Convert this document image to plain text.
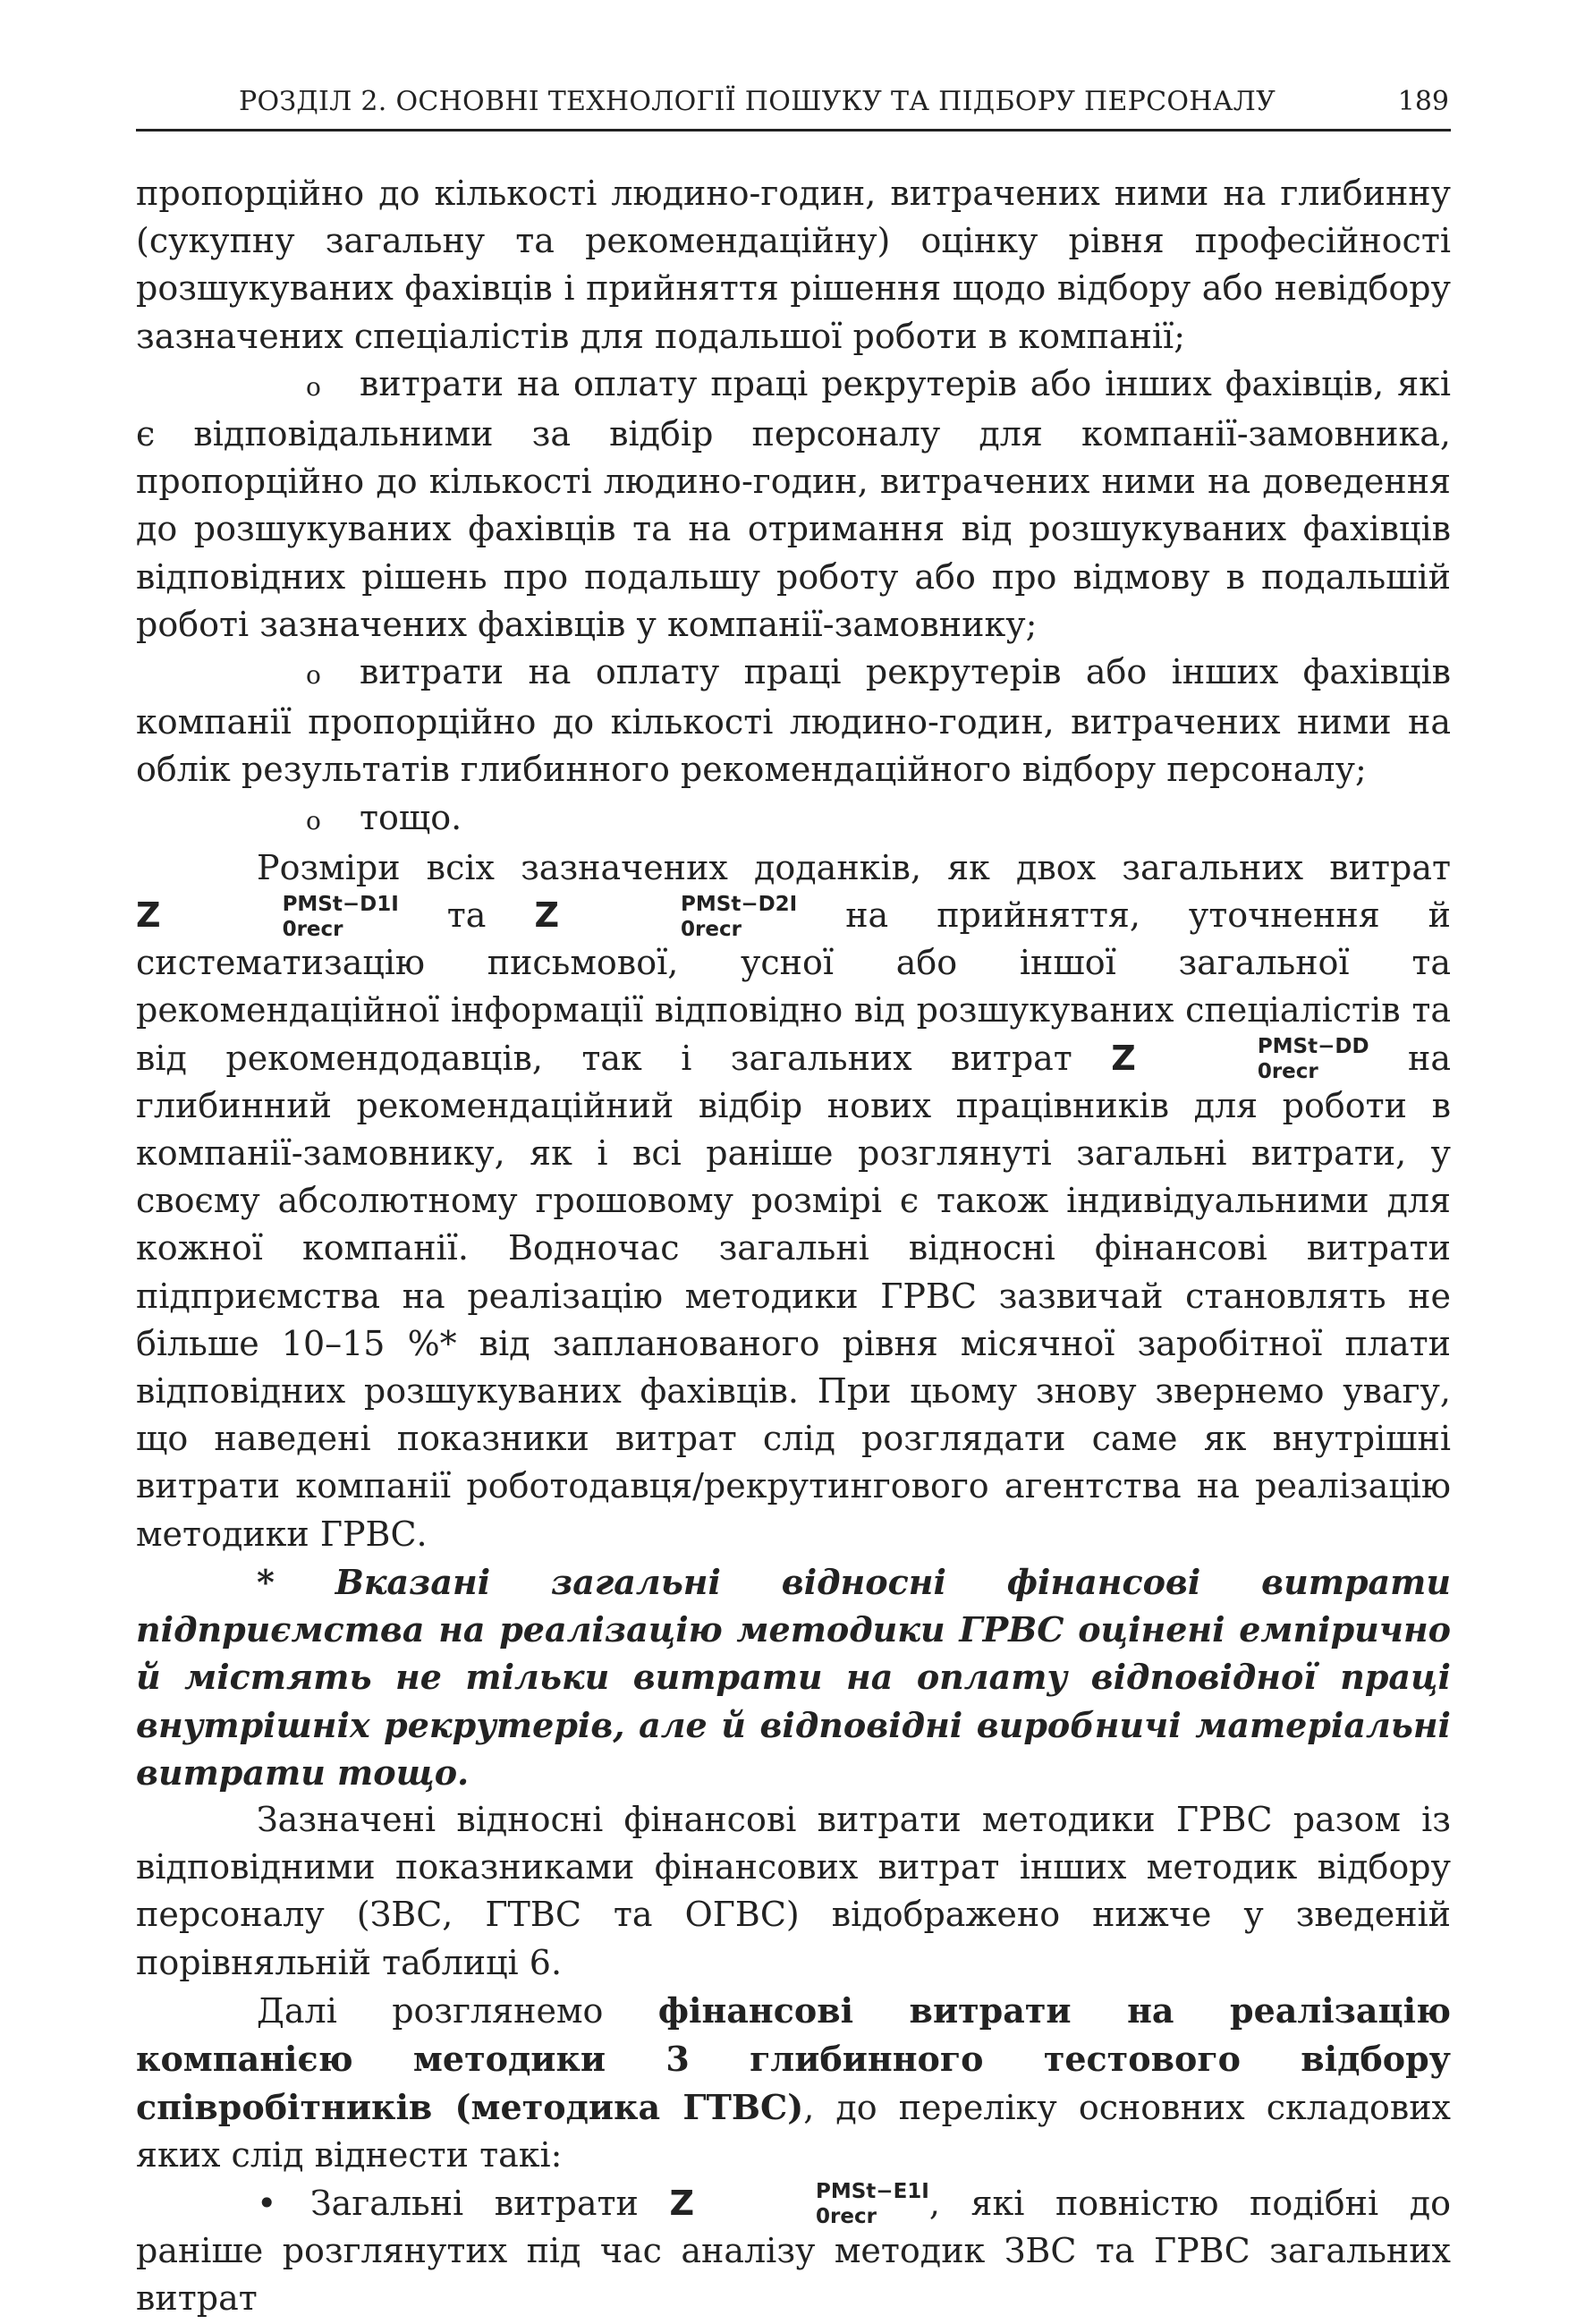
РОЗДІЛ 2. ОСНОВНІ ТЕХНОЛОГІЇ ПОШУКУ ТА ПІДБОРУ ПЕРСОНАЛУ	189

пропорційно до кількості людино-годин, витрачених ними на глибинну (сукупну загальну та рекомендаційну) оцінку рівня професійності розшукуваних фахівців і прийняття рішення щодо відбору або невідбору зазначених спеціалістів для подальшої роботи в компанії;

o витрати на оплату праці рекрутерів або інших фахівців, які є відповідальними за відбір персоналу для компанії-замовника, пропорційно до кількості людино-годин, витрачених ними на доведення до розшукуваних фахівців та на отримання від розшукуваних фахівців відповідних рішень про подальшу роботу або про відмову в подальшій роботі зазначених фахівців у компанії-замовнику;

o витрати на оплату праці рекрутерів або інших фахівців компанії пропорційно до кількості людино-годин, витрачених ними на облік результатів глибинного рекомендаційного відбору персоналу;

o тощо.

Розміри всіх зазначених доданків, як двох загальних витрат Z	PMSt−D1I
0recr	та Z	PMSt−D2I
0recr	на прийняття, уточнення й систематизацію письмової, усної або іншої загальної та рекомендаційної інформації відповідно від розшукуваних спеціалістів та від рекомендодавців, так і загальних витрат Z	PMSt−DD
0recr	на глибинний рекомендаційний відбір нових працівників для роботи в компанії-замовнику, як і всі раніше розглянуті загальні витрати, у своєму абсолютному грошовому розмірі є також індивідуальними для кожної компанії. Водночас загальні відносні фінансові витрати підприємства на реалізацію методики ГРВС зазвичай становлять не більше 10–15 %* від запланованого рівня місячної заробітної плати відповідних розшукуваних фахівців. При цьому знову звернемо увагу, що наведені показники витрат слід розглядати саме як внутрішні витрати компанії роботодавця/рекрутингового агентства на реалізацію методики ГРВС.

* Вказані загальні відносні фінансові витрати підприємства на реалізацію методики ГРВС оцінені емпірично й містять не тільки витрати на оплату відповідної праці внутрішніх рекрутерів, але й відповідні виробничі матеріальні витрати тощо.

Зазначені відносні фінансові витрати методики ГРВС разом із відповідними показниками фінансових витрат інших методик відбору персоналу (ЗВС, ГТВС та ОГВС) відображено нижче у зведеній порівняльній таблиці 6.

Далі розглянемо фінансові витрати на реалізацію компанією методики 3 глибинного тестового відбору співробітників (методика ГТВС), до переліку основних складових яких слід віднести такі:

• Загальні витрати Z	PMSt−E1I
0recr	, які повністю подібні до раніше розглянутих під час аналізу методик ЗВС та ГРВС загальних витрат
